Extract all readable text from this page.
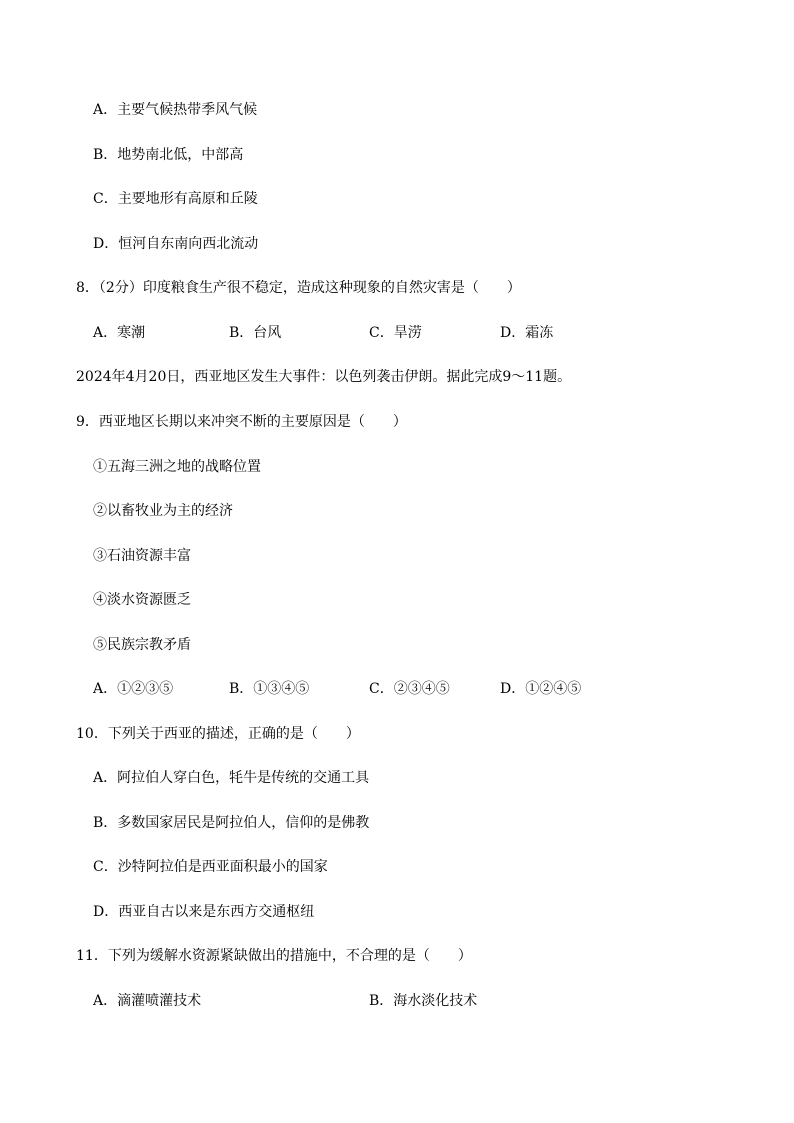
A．主要气候热带季风气候
B．地势南北低，中部高
C．主要地形有高原和丘陵
D．恒河自东南向西北流动
8．（2分）印度粮食生产很不稳定，造成这种现象的自然灾害是（　　）
A．寒潮	B．台风	C．旱涝	D．霜冻
2024年4月20日，西亚地区发生大事件：以色列袭击伊朗。据此完成9～11题。
9．西亚地区长期以来冲突不断的主要原因是（　　）
①五海三洲之地的战略位置
②以畜牧业为主的经济
③石油资源丰富
④淡水资源匮乏
⑤民族宗教矛盾
A．①②③⑤	B．①③④⑤	C．②③④⑤	D．①②④⑤
10．下列关于西亚的描述，正确的是（　　）
A．阿拉伯人穿白色，牦牛是传统的交通工具
B．多数国家居民是阿拉伯人，信仰的是佛教
C．沙特阿拉伯是西亚面积最小的国家
D．西亚自古以来是东西方交通枢纽
11．下列为缓解水资源紧缺做出的措施中，不合理的是（　　）
A．滴灌喷灌技术	B．海水淡化技术
